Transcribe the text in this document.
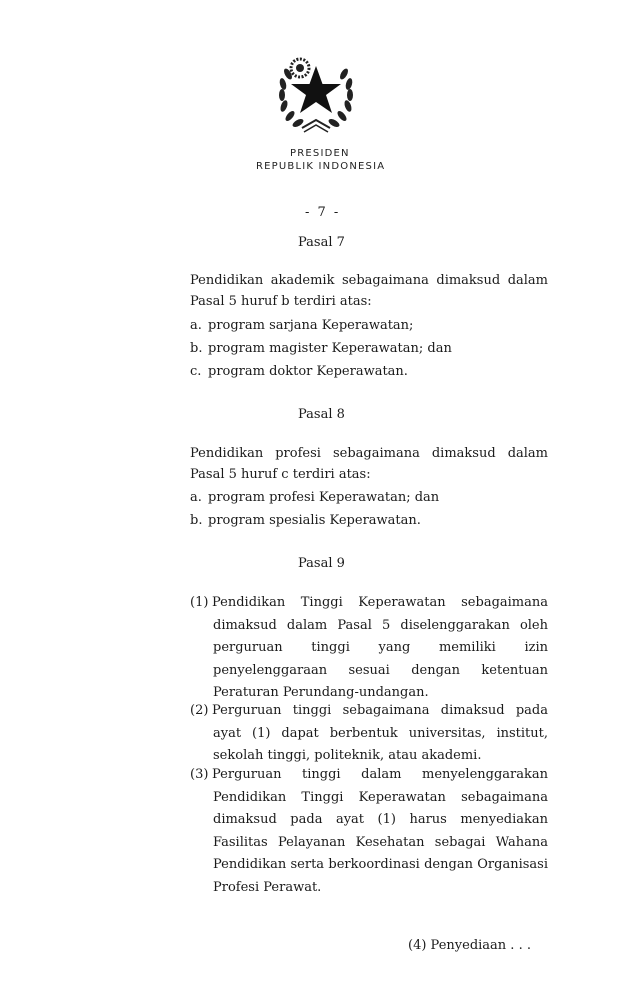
PRESIDEN
REPUBLIK INDONESIA
- 7 -
Pasal 7
Pendidikan akademik sebagaimana dimaksud dalam Pasal 5 huruf b terdiri atas:
a. program sarjana Keperawatan;
b. program magister Keperawatan; dan
c. program doktor Keperawatan.
Pasal 8
Pendidikan profesi sebagaimana dimaksud dalam Pasal 5 huruf c terdiri atas:
a. program profesi Keperawatan; dan
b. program spesialis Keperawatan.
Pasal 9
(1) Pendidikan Tinggi Keperawatan sebagaimana dimaksud dalam Pasal 5 diselenggarakan oleh perguruan tinggi yang memiliki izin penyelenggaraan sesuai dengan ketentuan Peraturan Perundang-undangan.
(2) Perguruan tinggi sebagaimana dimaksud pada ayat (1) dapat berbentuk universitas, institut, sekolah tinggi, politeknik, atau akademi.
(3) Perguruan tinggi dalam menyelenggarakan Pendidikan Tinggi Keperawatan sebagaimana dimaksud pada ayat (1) harus menyediakan Fasilitas Pelayanan Kesehatan sebagai Wahana Pendidikan serta berkoordinasi dengan Organisasi Profesi Perawat.
(4) Penyediaan . . .
